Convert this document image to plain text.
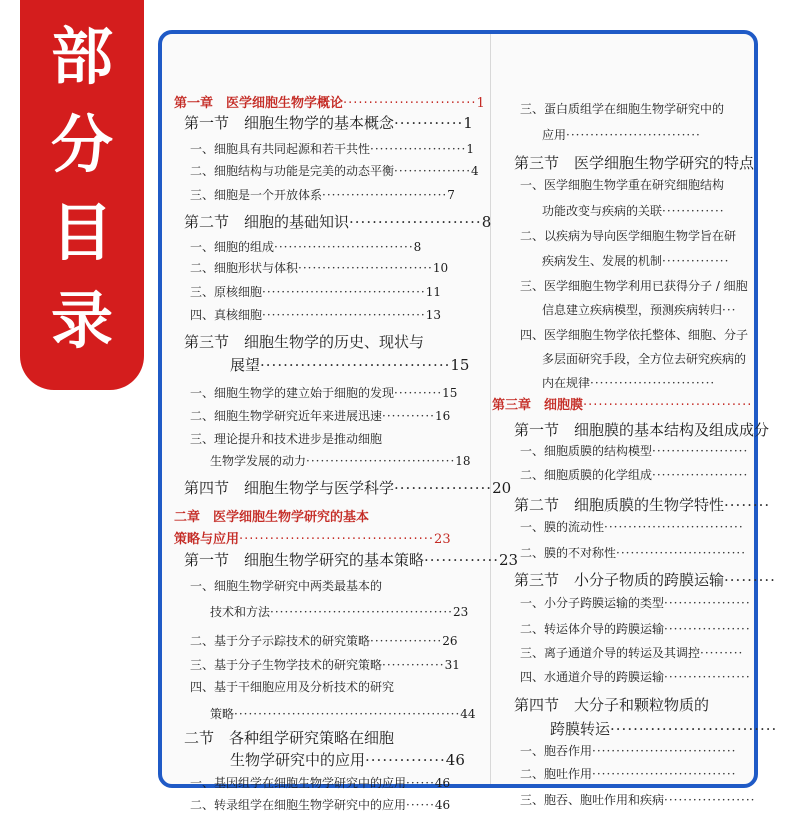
部
分
目
录
第一章　医学细胞生物学概论··························1
第一节　细胞生物学的基本概念············1
一、细胞具有共同起源和若干共性····················1
二、细胞结构与功能是完美的动态平衡················4
三、细胞是一个开放体系··························7
第二节　细胞的基础知识·······················8
一、细胞的组成·····························8
二、细胞形状与体积····························10
三、原核细胞··································11
四、真核细胞··································13
第三节　细胞生物学的历史、现状与
展望·································15
一、细胞生物学的建立始于细胞的发现··········15
二、细胞生物学研究近年来进展迅速···········16
三、理论提升和技术进步是推动细胞
生物学发展的动力·······························18
第四节　细胞生物学与医学科学·················20
二章　医学细胞生物学研究的基本
策略与应用······································23
第一节　细胞生物学研究的基本策略·············23
一、细胞生物学研究中两类最基本的
技术和方法······································23
二、基于分子示踪技术的研究策略···············26
三、基于分子生物学技术的研究策略·············31
四、基于干细胞应用及分析技术的研究
策略···············································44
二节　各种组学研究策略在细胞
生物学研究中的应用··············46
一、基因组学在细胞生物学研究中的应用······46
二、转录组学在细胞生物学研究中的应用······46
三、蛋白质组学在细胞生物学研究中的
应用····························
第三节　医学细胞生物学研究的特点
一、医学细胞生物学重在研究细胞结构
功能改变与疾病的关联·············
二、以疾病为导向医学细胞生物学旨在研
疾病发生、发展的机制··············
三、医学细胞生物学利用已获得分子 / 细胞
信息建立疾病模型，预测疾病转归···
四、医学细胞生物学依托整体、细胞、分子
多层面研究手段，全方位去研究疾病的
内在规律··························
第三章　细胞膜·································
第一节　细胞膜的基本结构及组成成分
一、细胞质膜的结构模型····················
二、细胞质膜的化学组成····················
第二节　细胞质膜的生物学特性········
一、膜的流动性·····························
二、膜的不对称性···························
第三节　小分子物质的跨膜运输·········
一、小分子跨膜运输的类型··················
二、转运体介导的跨膜运输··················
三、离子通道介导的转运及其调控·········
四、水通道介导的跨膜运输··················
第四节　大分子和颗粒物质的
跨膜转运·····························
一、胞吞作用······························
二、胞吐作用······························
三、胞吞、胞吐作用和疾病···················
